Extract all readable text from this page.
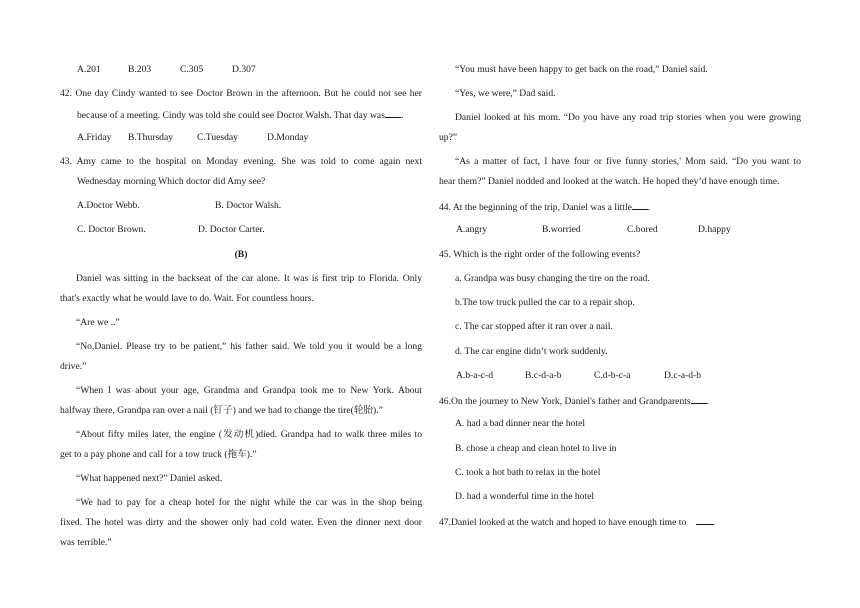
A.201	B.203	C.305	D.307
42. One day Cindy wanted to see Doctor Brown in the afternoon. But he could not see her
because of a meeting. Cindy was told she could see Doctor Walsh. That day was .
A.Friday B.Thursday C.Tuesday	D.Monday
43. Amy came to the hospital on Monday evening. She was told to come again next
Wednesday morning Which doctor did Amy see?
A.Doctor Webb.	B. Doctor Walsh.
C. Doctor Brown.	D. Doctor Carter.
(B)
Daniel was sitting in the backseat of the car alone. It was is first trip to Florida. Only
that's exactly what he would lave to do. Wait. For countless hours.
“Are we ..”
“No,Daniel. Please try to be patient,” his father said. We told you it would be a long
drive.”
“When I was about your age, Grandma and Grandpa took me to New York. About
halfway there, Grandpa ran over a nail (钉子) and we had to change the tire(轮胎).”
“About fifty miles later, the engine (发动机)died. Grandpa had to walk three miles to
get to a pay phone and call for a tow truck (拖车).”
“What happened next?” Daniel asked.
“We had to pay for a cheap hotel for the night while the car was in the shop being
fixed. The hotel was dirty and the shower only had cold water. Even the dinner next door
was terrible.”
“You must have been happy to get back on the road,” Daniel said.
“Yes, we were,” Dad said.
Daniel looked at his mom. “Do you have any road trip stories when you were growing
up?”
“As a matter of fact, I have four or five funny stories,' Mom said. “Do you want to
hear them?” Daniel nodded and looked at the watch. He hoped they’d have enough time.
44. At the beginning of the trip, Daniel was a little .
A.angry	B.worried	C.bored	D.happy
45. Which is the right order of the following events?
a. Grandpa was busy changing the tire on the road.
b.The tow truck pulled the car to a repair shop.
c. The car stopped after it ran over a nail.
d. The car engine didn’t work suddenly.
A.b-a-c-d	B.c-d-a-b	C.d-b-c-a	D.c-a-d-b
46.On the journey to New York, Daniel's father and Grandparents .
A. had a bad dinner near the hotel
B. chose a cheap and clean hotel to live in
C. took a hot bath to relax in the hotel
D. had a wonderful time in the hotel
47.Daniel looked at the watch and hoped to have enough time to
